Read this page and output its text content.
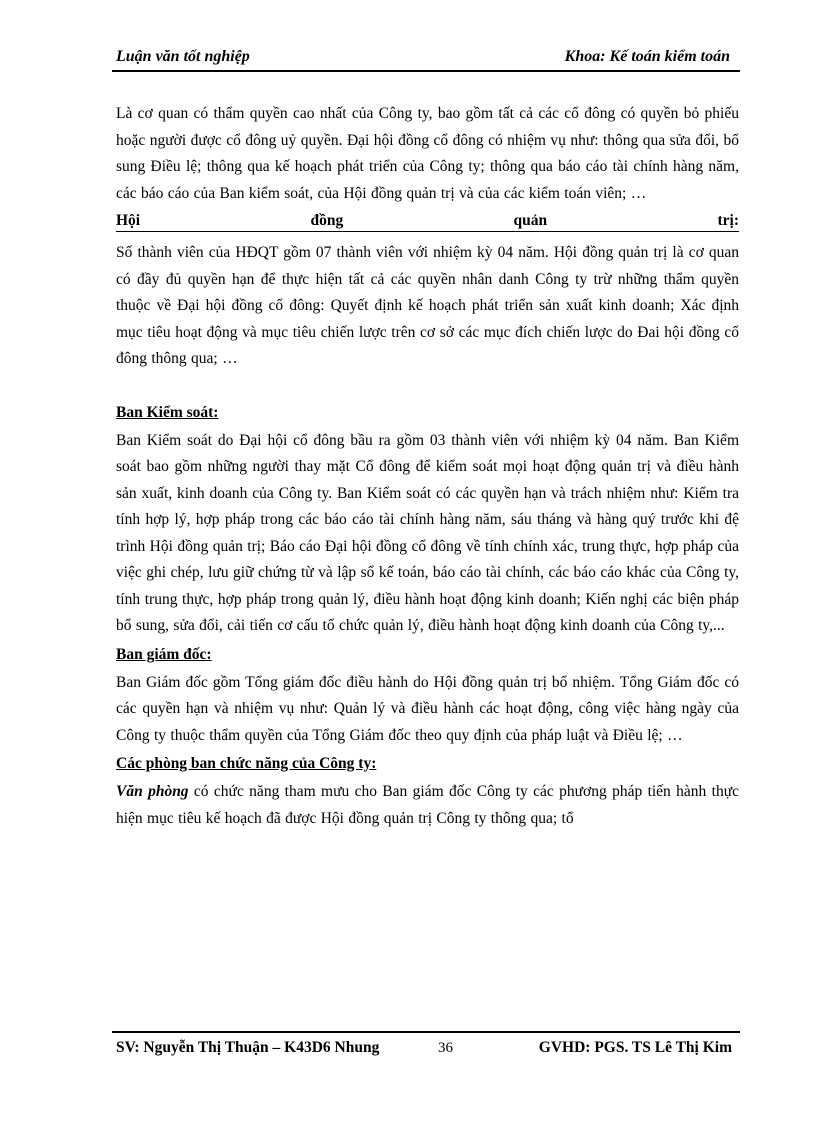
Luận văn tốt nghiệp	Khoa: Kế toán kiểm toán

Là cơ quan có thẩm quyền cao nhất của Công ty, bao gồm tất cả các cổ đông có quyền bỏ phiếu hoặc người được cổ đông uỷ quyền. Đại hội đồng cổ đông có nhiệm vụ như: thông qua sửa đổi, bổ sung Điều lệ; thông qua kế hoạch phát triển của Công ty; thông qua báo cáo tài chính hàng năm, các báo cáo của Ban kiểm soát, của Hội đồng quản trị và của các kiểm toán viên; …

Hội	đồng	quản	trị:

Số thành viên của HĐQT gồm 07 thành viên với nhiệm kỳ 04 năm. Hội đồng quản trị là cơ quan có đầy đủ quyền hạn để thực hiện tất cả các quyền nhân danh Công ty trừ những thẩm quyền thuộc về Đại hội đồng cổ đông: Quyết định kế hoạch phát triển sản xuất kinh doanh; Xác định mục tiêu hoạt động và mục tiêu chiến lược trên cơ sở các mục đích chiến lược do Đai hội đồng cổ đông thông qua; …

Ban Kiểm soát:

Ban Kiểm soát do Đại hội cổ đông bầu ra gồm 03 thành viên với nhiệm kỳ 04 năm. Ban Kiểm soát bao gồm những người thay mặt Cổ đông để kiểm soát mọi hoạt động quản trị và điều hành sản xuất, kinh doanh của Công ty. Ban Kiểm soát có các quyền hạn và trách nhiệm như: Kiểm tra tính hợp lý, hợp pháp trong các báo cáo tài chính hàng năm, sáu tháng và hàng quý trước khi đệ trình Hội đồng quản trị; Báo cáo Đại hội đồng cổ đông về tính chính xác, trung thực, hợp pháp của việc ghi chép, lưu giữ chứng từ và lập sổ kế toán, báo cáo tài chính, các báo cáo khác của Công ty, tính trung thực, hợp pháp trong quản lý, điều hành hoạt động kinh doanh; Kiến nghị các biện pháp bổ sung, sửa đổi, cải tiến cơ cấu tổ chức quản lý, điều hành hoạt động kinh doanh của Công ty,...

Ban giám đốc:

Ban Giám đốc gồm Tổng giám đốc điều hành do Hội đồng quản trị bổ nhiệm. Tổng Giám đốc có các quyền hạn và nhiệm vụ như: Quản lý và điều hành các hoạt động, công việc hàng ngày của Công ty thuộc thẩm quyền của Tổng Giám đốc theo quy định của pháp luật và Điều lệ; …

Các phòng ban chức năng của Công ty:

Văn phòng có chức năng tham mưu cho Ban giám đốc Công ty các phương pháp tiến hành thực hiện mục tiêu kế hoạch đã được Hội đồng quản trị Công ty thông qua; tổ

SV: Nguyễn Thị Thuận – K43D6 Nhung	36	GVHD: PGS. TS Lê Thị Kim
